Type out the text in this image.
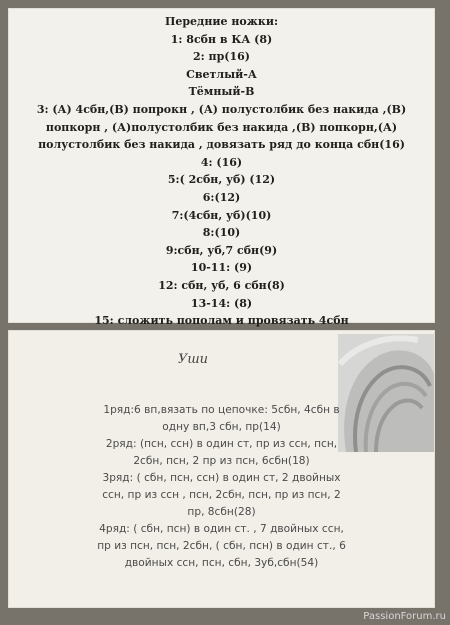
Передние ножки:
1: 8сбн в КА (8)
2: пр(16)
Светлый-А
Тёмный-В
3: (А) 4сбн,(В) попрокн , (А) полустолбик без накида ,(В)
попкорн , (А)полустолбик без накида ,(В) попкорн,(А)
полустолбик без накида , довязать ряд до конца сбн(16)
4: (16)
5:( 2сбн, уб) (12)
6:(12)
7:(4сбн, уб)(10)
8:(10)
9:сбн, уб,7 сбн(9)
10-11: (9)
12: сбн, уб, 6 сбн(8)
13-14: (8)
15: сложить пополам и провязать 4сбн
Уши
1ряд:6 вп,вязать по цепочке: 5сбн, 4сбн в
одну вп,3 сбн, пр(14)
2ряд: (псн, ссн) в один ст, пр из ссн, псн,
2сбн, псн, 2 пр из псн, 6сбн(18)
3ряд: ( сбн, псн, ссн) в один ст, 2 двойных
ссн, пр из ссн , псн, 2сбн, псн, пр из псн, 2
пр, 8сбн(28)
4ряд: ( сбн, псн) в один ст. , 7 двойных ссн,
пр из псн, псн, 2сбн, ( сбн, псн) в один ст., 6
двойных ссн, псн, сбн, 3уб,сбн(54)
PassionForum.ru
